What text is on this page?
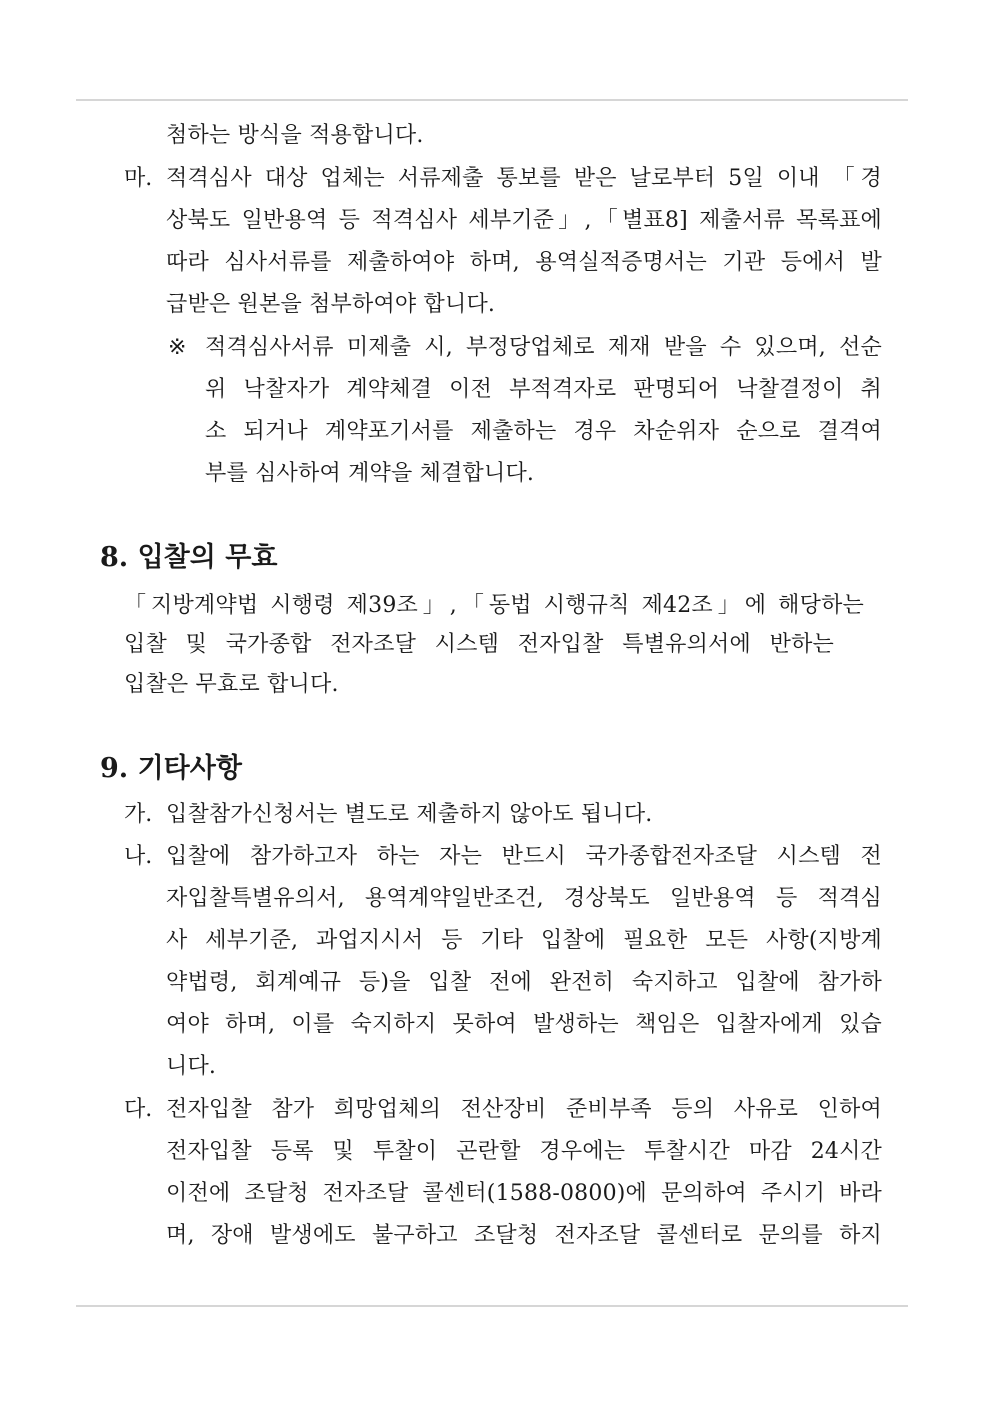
첨하는 방식을 적용합니다.
마. 적격심사 대상 업체는 서류제출 통보를 받은 날로부터 5일 이내 「경
상북도 일반용역 등 적격심사 세부기준」,「별표8] 제출서류 목록표에
따라 심사서류를 제출하여야 하며, 용역실적증명서는 기관 등에서 발
급받은 원본을 첨부하여야 합니다.
※ 적격심사서류 미제출 시, 부정당업체로 제재 받을 수 있으며, 선순
위 낙찰자가 계약체결 이전 부적격자로 판명되어 낙찰결정이 취
소 되거나 계약포기서를 제출하는 경우 차순위자 순으로 결격여
부를 심사하여 계약을 체결합니다.
8. 입찰의 무효
「지방계약법 시행령 제39조」,「동법 시행규칙 제42조」에 해당하는
입찰 및 국가종합 전자조달 시스템 전자입찰 특별유의서에 반하는
입찰은 무효로 합니다.
9. 기타사항
가. 입찰참가신청서는 별도로 제출하지 않아도 됩니다.
나. 입찰에 참가하고자 하는 자는 반드시 국가종합전자조달 시스템 전
자입찰특별유의서, 용역계약일반조건, 경상북도 일반용역 등 적격심
사 세부기준, 과업지시서 등 기타 입찰에 필요한 모든 사항(지방계
약법령, 회계예규 등)을 입찰 전에 완전히 숙지하고 입찰에 참가하
여야 하며, 이를 숙지하지 못하여 발생하는 책임은 입찰자에게 있습
니다.
다. 전자입찰 참가 희망업체의 전산장비 준비부족 등의 사유로 인하여
전자입찰 등록 및 투찰이 곤란할 경우에는 투찰시간 마감 24시간
이전에 조달청 전자조달 콜센터(1588-0800)에 문의하여 주시기 바라
며, 장애 발생에도 불구하고 조달청 전자조달 콜센터로 문의를 하지
